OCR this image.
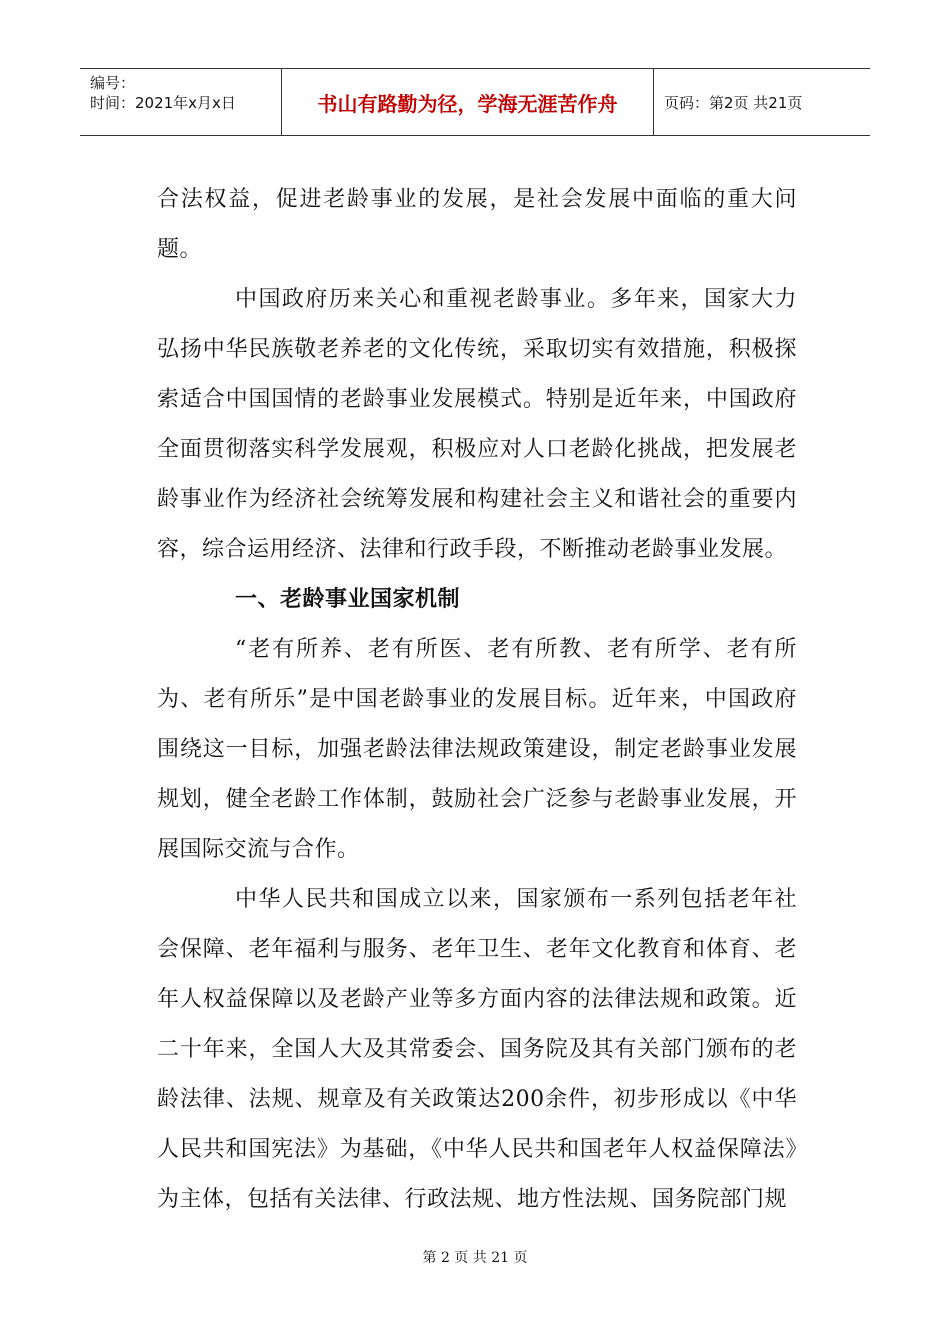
编号：
时间：2021年x月x日	书山有路勤为径，学海无涯苦作舟	页码：第2页 共21页

合法权益，促进老龄事业的发展，是社会发展中面临的重大问题。

中国政府历来关心和重视老龄事业。多年来，国家大力弘扬中华民族敬老养老的文化传统，采取切实有效措施，积极探索适合中国国情的老龄事业发展模式。特别是近年来，中国政府全面贯彻落实科学发展观，积极应对人口老龄化挑战，把发展老龄事业作为经济社会统筹发展和构建社会主义和谐社会的重要内容，综合运用经济、法律和行政手段，不断推动老龄事业发展。

一、老龄事业国家机制

“老有所养、老有所医、老有所教、老有所学、老有所为、老有所乐”是中国老龄事业的发展目标。近年来，中国政府围绕这一目标，加强老龄法律法规政策建设，制定老龄事业发展规划，健全老龄工作体制，鼓励社会广泛参与老龄事业发展，开展国际交流与合作。

中华人民共和国成立以来，国家颁布一系列包括老年社会保障、老年福利与服务、老年卫生、老年文化教育和体育、老年人权益保障以及老龄产业等多方面内容的法律法规和政策。近二十年来，全国人大及其常委会、国务院及其有关部门颁布的老龄法律、法规、规章及有关政策达200余件，初步形成以《中华人民共和国宪法》为基础，《中华人民共和国老年人权益保障法》为主体，包括有关法律、行政法规、地方性法规、国务院部门规

第 2 页 共 21 页
